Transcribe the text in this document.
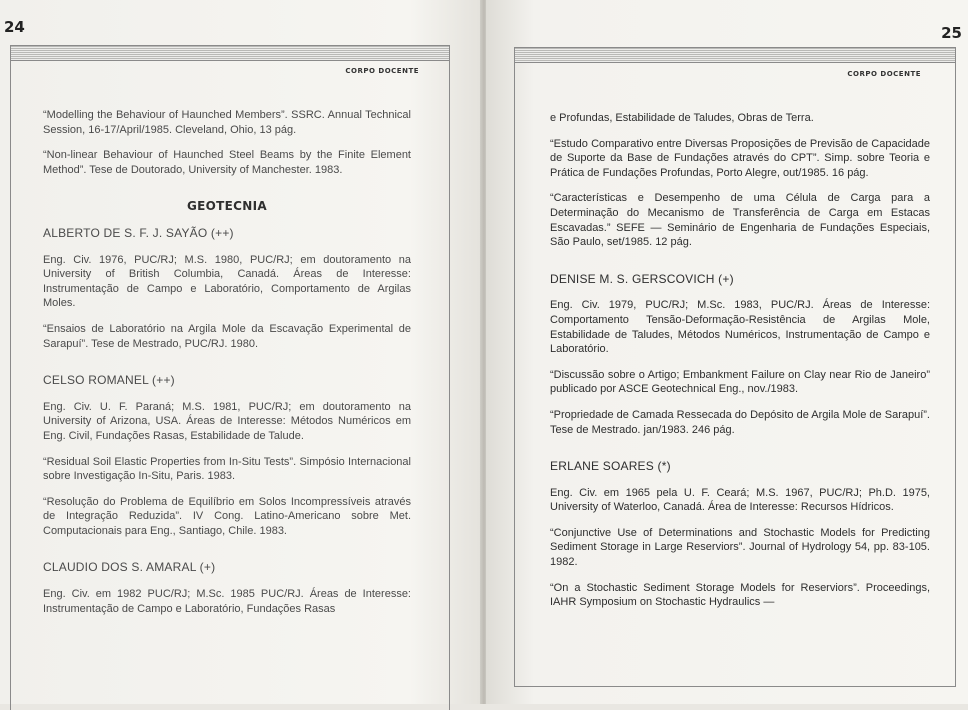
24
CORPO DOCENTE

“Modelling the Behaviour of Haunched Members”. SSRC. Annual Technical Session, 16-17/April/1985. Cleveland, Ohio, 13 pág.

“Non-linear Behaviour of Haunched Steel Beams by the Finite Element Method”. Tese de Doutorado, University of Manchester. 1983.

GEOTECNIA
ALBERTO DE S. F. J. SAYÃO (++)

Eng. Civ. 1976, PUC/RJ; M.S. 1980, PUC/RJ; em doutoramento na University of British Columbia, Canadá. Áreas de Interesse: Instrumentação de Campo e Laboratório, Comportamento de Argilas Moles.

“Ensaios de Laboratório na Argila Mole da Escavação Experimental de Sarapuí”. Tese de Mestrado, PUC/RJ. 1980.

CELSO ROMANEL (++)

Eng. Civ. U. F. Paraná; M.S. 1981, PUC/RJ; em doutoramento na University of Arizona, USA. Áreas de Interesse: Métodos Numéricos em Eng. Civil, Fundações Rasas, Estabilidade de Talude.

“Residual Soil Elastic Properties from In-Situ Tests”. Simpósio Internacional sobre Investigação In-Situ, Paris. 1983.

“Resolução do Problema de Equilíbrio em Solos Incompressíveis através de Integração Reduzida”. IV Cong. Latino-Americano sobre Met. Computacionais para Eng., Santiago, Chile. 1983.

CLAUDIO DOS S. AMARAL (+)

Eng. Civ. em 1982 PUC/RJ; M.Sc. 1985 PUC/RJ. Áreas de Interesse: Instrumentação de Campo e Laboratório, Fundações Rasas

25
CORPO DOCENTE

e Profundas, Estabilidade de Taludes, Obras de Terra.

“Estudo Comparativo entre Diversas Proposições de Previsão de Capacidade de Suporte da Base de Fundações através do CPT”. Simp. sobre Teoria e Prática de Fundações Profundas, Porto Alegre, out/1985. 16 pág.

“Características e Desempenho de uma Célula de Carga para a Determinação do Mecanismo de Transferência de Carga em Estacas Escavadas.” SEFE — Seminário de Engenharia de Fundações Especiais, São Paulo, set/1985. 12 pág.

DENISE M. S. GERSCOVICH (+)

Eng. Civ. 1979, PUC/RJ; M.Sc. 1983, PUC/RJ. Áreas de Interesse: Comportamento Tensão-Deformação-Resistência de Argilas Mole, Estabilidade de Taludes, Métodos Numéricos, Instrumentação de Campo e Laboratório.

“Discussão sobre o Artigo; Embankment Failure on Clay near Rio de Janeiro” publicado por ASCE Geotechnical Eng., nov./1983.

“Propriedade de Camada Ressecada do Depósito de Argila Mole de Sarapuí”. Tese de Mestrado. jan/1983. 246 pág.

ERLANE SOARES (*)

Eng. Civ. em 1965 pela U. F. Ceará; M.S. 1967, PUC/RJ; Ph.D. 1975, University of Waterloo, Canadá. Área de Interesse: Recursos Hídricos.

“Conjunctive Use of Determinations and Stochastic Models for Predicting Sediment Storage in Large Reserviors”. Journal of Hydrology 54, pp. 83-105. 1982.

“On a Stochastic Sediment Storage Models for Reserviors”. Proceedings, IAHR Symposium on Stochastic Hydraulics —
